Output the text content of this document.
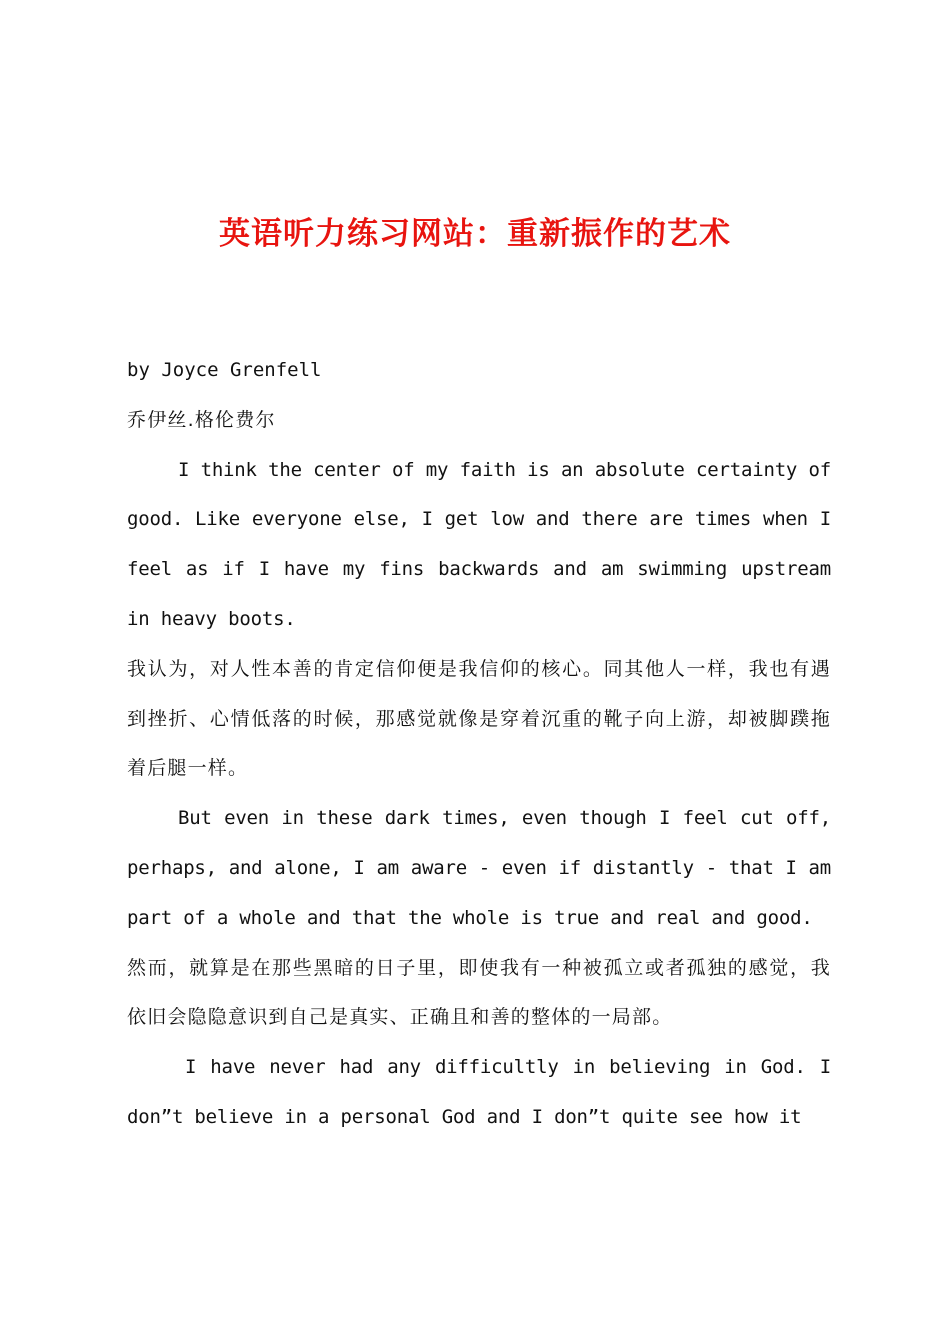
英语听力练习网站：重新振作的艺术
by Joyce Grenfell
乔伊丝.格伦费尔

I think the center of my faith is an absolute certainty of good. Like everyone else, I get low and there are times when I feel as if I have my fins backwards and am swimming upstream in heavy boots.

我认为，对人性本善的肯定信仰便是我信仰的核心。同其他人一样，我也有遇到挫折、心情低落的时候，那感觉就像是穿着沉重的靴子向上游，却被脚蹼拖着后腿一样。

But even in these dark times, even though I feel cut off, perhaps, and alone, I am aware - even if distantly - that I am part of a whole and that the whole is true and real and good.

然而，就算是在那些黑暗的日子里，即使我有一种被孤立或者孤独的感觉，我依旧会隐隐意识到自己是真实、正确且和善的整体的一局部。

I have never had any difficultly in believing in God. I don”t believe in a personal God and I don”t quite see how it
